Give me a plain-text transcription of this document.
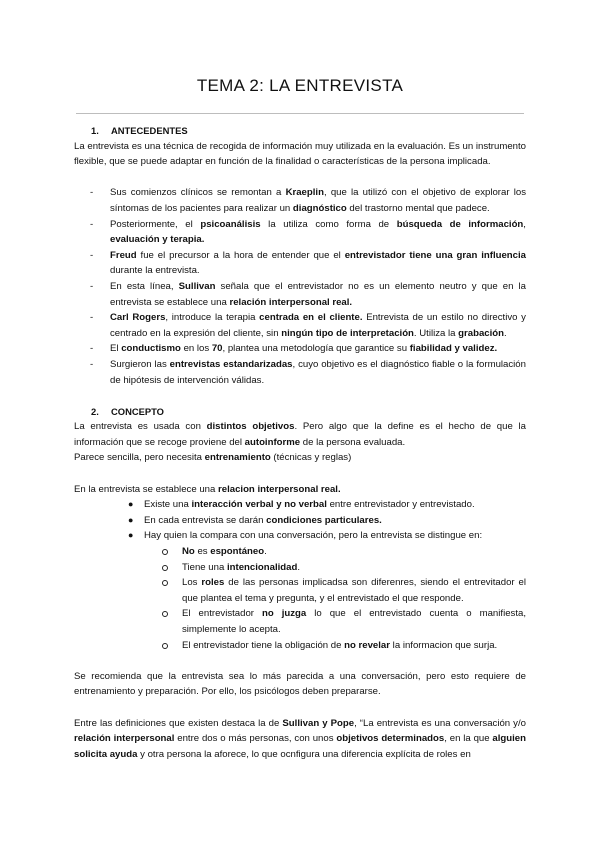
TEMA 2: LA ENTREVISTA
1. ANTECEDENTES

La entrevista es una técnica de recogida de información muy utilizada en la evaluación. Es un instrumento flexible, que se puede adaptar en función de la finalidad o características de la persona implicada.

- Sus comienzos clínicos se remontan a Kraeplin, que la utilizó con el objetivo de explorar los síntomas de los pacientes para realizar un diagnóstico del trastorno mental que padece.
- Posteriormente, el psicoanálisis la utiliza como forma de búsqueda de información, evaluación y terapia.
- Freud fue el precursor a la hora de entender que el entrevistador tiene una gran influencia durante la entrevista.
- En esta línea, Sullivan señala que el entrevistador no es un elemento neutro y que en la entrevista se establece una relación interpersonal real.
- Carl Rogers, introduce la terapia centrada en el cliente. Entrevista de un estilo no directivo y centrado en la expresión del cliente, sin ningún tipo de interpretación. Utiliza la grabación.
- El conductismo en los 70, plantea una metodología que garantice su fiabilidad y validez.
- Surgieron las entrevistas estandarizadas, cuyo objetivo es el diagnóstico fiable o la formulación de hipótesis de intervención válidas.
2. CONCEPTO

La entrevista es usada con distintos objetivos. Pero algo que la define es el hecho de que la información que se recoge proviene del autoinforme de la persona evaluada.

Parece sencilla, pero necesita entrenamiento (técnicas y reglas)

En la entrevista se establece una relacion interpersonal real.

● Existe una interacción verbal y no verbal entre entrevistador y entrevistado.
● En cada entrevista se darán condiciones particulares.
● Hay quien la compara con una conversación, pero la entrevista se distingue en:
No es espontáneo.
Tiene una intencionalidad.
Los roles de las personas implicadsa son diferenres, siendo el entrevitador el que plantea el tema y pregunta, y el entrevistado el que responde.
El entrevistador no juzga lo que el entrevistado cuenta o manifiesta, simplemente lo acepta.
El entrevistador tiene la obligación de no revelar la informacion que surja.

Se recomienda que la entrevista sea lo más parecida a una conversación, pero esto requiere de entrenamiento y preparación. Por ello, los psicólogos deben prepararse.

Entre las definiciones que existen destaca la de Sullivan y Pope, “La entrevista es una conversación y/o relación interpersonal entre dos o más personas, con unos objetivos determinados, en la que alguien solicita ayuda y otra persona la aforece, lo que ocnfigura una diferencia explícita de roles en
